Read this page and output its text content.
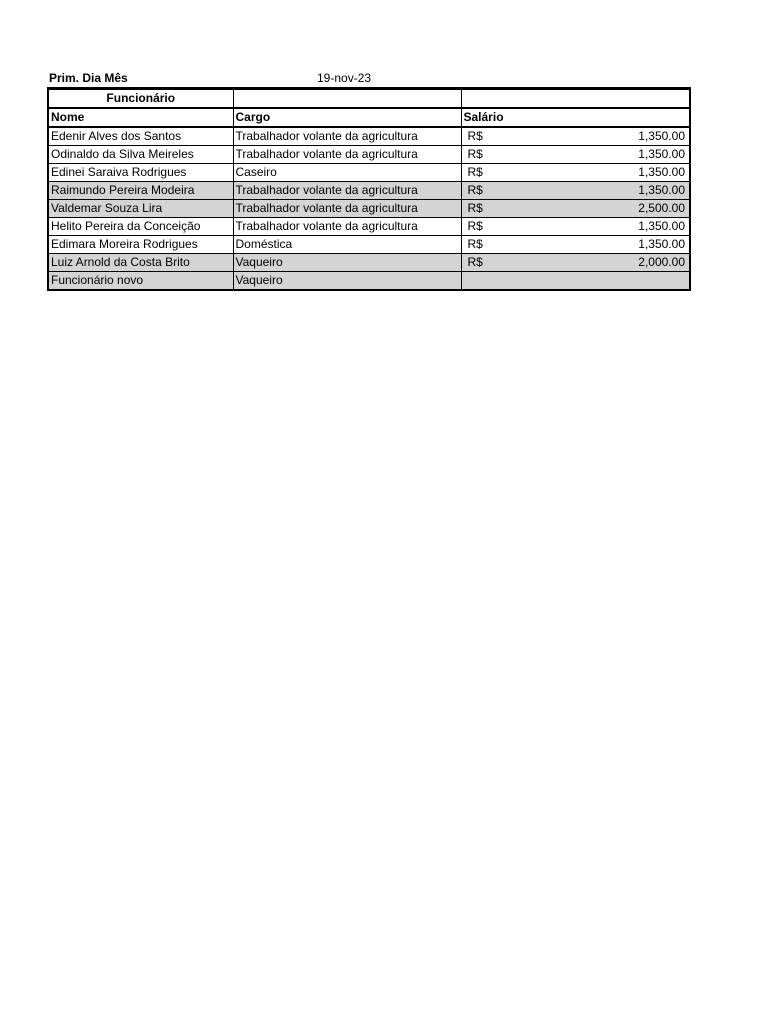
Prim. Dia Mês	19-nov-23
Funcionário		
Nome	Cargo	Salário
Edenir Alves dos Santos	Trabalhador volante da agricultura	R$ 1,350.00

Odinaldo da Silva Meireles	Trabalhador volante da agricultura	R$ 1,350.00

Edinei Saraiva Rodrigues	Caseiro	R$ 1,350.00

Raimundo Pereira Modeira	Trabalhador volante da agricultura	R$ 1,350.00

Valdemar Souza Lira	Trabalhador volante da agricultura	R$ 2,500.00

Helito Pereira da Conceição	Trabalhador volante da agricultura	R$ 1,350.00

Edimara Moreira Rodrigues	Doméstica	R$ 1,350.00

Luiz Arnold da Costa Brito	Vaqueiro	R$ 2,000.00

Funcionário novo	Vaqueiro	
